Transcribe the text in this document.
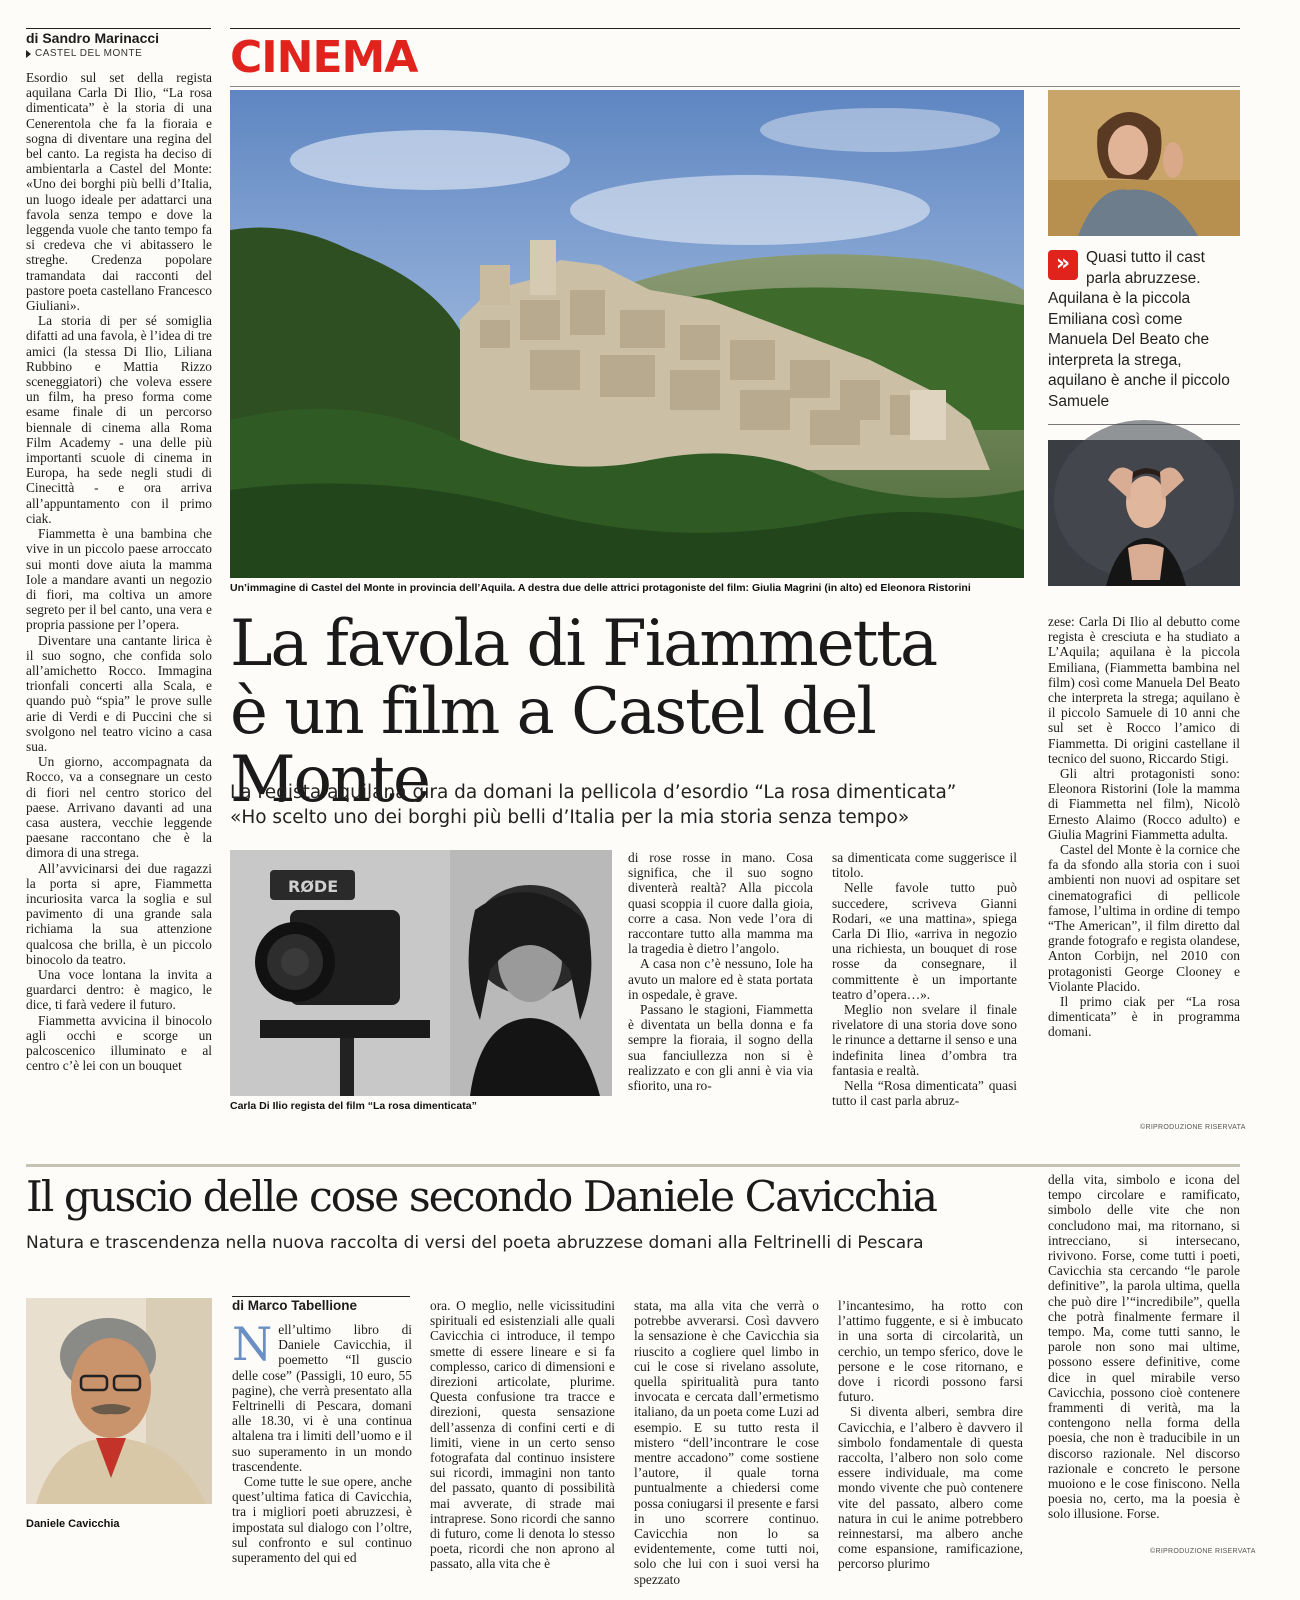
di Sandro Marinacci
CASTEL DEL MONTE CINEMA

Esordio sul set della regista aquilana Carla Di Ilio, “La rosa dimenticata” è la storia di una Cenerentola che fa la fioraia e sogna di diventare una regina del bel canto. La regista ha deciso di ambientarla a Castel del Monte: «Uno dei borghi più belli d’Italia, un luogo ideale per adattarci una favola senza tempo e dove la leggenda vuole che tanto tempo fa si credeva che vi abitassero le streghe. Credenza popolare tramandata dai racconti del pastore poeta castellano Francesco Giuliani».

La storia di per sé somiglia difatti ad una favola, è l’idea di tre amici (la stessa Di Ilio, Liliana Rubbino e Mattia Rizzo sceneggiatori) che voleva essere un film, ha preso forma come esame finale di un percorso biennale di cinema alla Roma Film Academy - una delle più importanti scuole di cinema in Europa, ha sede negli studi di Cinecittà - e ora arriva all’appuntamento con il primo ciak.

Fiammetta è una bambina che vive in un piccolo paese arroccato sui monti dove aiuta la mamma Iole a mandare avanti un negozio di fiori, ma coltiva un amore segreto per il bel canto, una vera e propria passione per l’opera.

Diventare una cantante lirica è il suo sogno, che confida solo all’amichetto Rocco. Immagina trionfali concerti alla Scala, e quando può “spia” le prove sulle arie di Verdi e di Puccini che si svolgono nel teatro vicino a casa sua.

Un giorno, accompagnata da Rocco, va a consegnare un cesto di fiori nel centro storico del paese. Arrivano davanti ad una casa austera, vecchie leggende paesane raccontano che è la dimora di una strega.

All’avvicinarsi dei due ragazzi la porta si apre, Fiammetta incuriosita varca la soglia e sul pavimento di una grande sala richiama la sua attenzione qualcosa che brilla, è un piccolo binocolo da teatro.

Una voce lontana la invita a guardarci dentro: è magico, le dice, ti farà vedere il futuro.

Fiammetta avvicina il binocolo agli occhi e scorge un palcoscenico illuminato e al centro c’è lei con un bouquet

Un’immagine di Castel del Monte in provincia dell’Aquila. A destra due delle attrici protagoniste del film: Giulia Magrini (in alto) ed Eleonora Ristorini
»	Quasi tutto il cast parla abruzzese. Aquilana è la piccola Emiliana così come Manuela Del Beato che interpreta la strega, aquilano è anche il piccolo Samuele
La favola di Fiammetta
è un film a Castel del Monte
La regista aquilana gira da domani la pellicola d’esordio “La rosa dimenticata”
«Ho scelto uno dei borghi più belli d’Italia per la mia storia senza tempo»
RØDE
Carla Di Ilio regista del film “La rosa dimenticata”

di rose rosse in mano. Cosa significa, che il suo sogno diventerà realtà? Alla piccola quasi scoppia il cuore dalla gioia, corre a casa. Non vede l’ora di raccontare tutto alla mamma ma la tragedia è dietro l’angolo.

A casa non c’è nessuno, Iole ha avuto un malore ed è stata portata in ospedale, è grave.

Passano le stagioni, Fiammetta è diventata un bella donna e fa sempre la fioraia, il sogno della sua fanciullezza non si è realizzato e con gli anni è via via sfiorito, una ro-

sa dimenticata come suggerisce il titolo.

Nelle favole tutto può succedere, scriveva Gianni Rodari, «e una mattina», spiega Carla Di Ilio, «arriva in negozio una richiesta, un bouquet di rose rosse da consegnare, il committente è un importante teatro d’opera…».

Meglio non svelare il finale rivelatore di una storia dove sono le rinunce a dettarne il senso e una indefinita linea d’ombra tra fantasia e realtà.

Nella “Rosa dimenticata” quasi tutto il cast parla abruz-

zese: Carla Di Ilio al debutto come regista è cresciuta e ha studiato a L’Aquila; aquilana è la piccola Emiliana, (Fiammetta bambina nel film) così come Manuela Del Beato che interpreta la strega; aquilano è il piccolo Samuele di 10 anni che sul set è Rocco l’amico di Fiammetta. Di origini castellane il tecnico del suono, Riccardo Stigi.

Gli altri protagonisti sono: Eleonora Ristorini (Iole la mamma di Fiammetta nel film), Nicolò Ernesto Alaimo (Rocco adulto) e Giulia Magrini Fiammetta adulta.

Castel del Monte è la cornice che fa da sfondo alla storia con i suoi ambienti non nuovi ad ospitare set cinematografici di pellicole famose, l’ultima in ordine di tempo “The American”, il film diretto dal grande fotografo e regista olandese, Anton Corbijn, nel 2010 con protagonisti George Clooney e Violante Placido.

Il primo ciak per “La rosa dimenticata” è in programma domani.

©RIPRODUZIONE RISERVATA
Il guscio delle cose secondo Daniele Cavicchia
Natura e trascendenza nella nuova raccolta di versi del poeta abruzzese domani alla Feltrinelli di Pescara
Daniele Cavicchia
di Marco Tabellione

Nell’ultimo libro di Daniele Cavicchia, il poemetto “Il guscio delle cose” (Passigli, 10 euro, 55 pagine), che verrà presentato alla Feltrinelli di Pescara, domani alle 18.30, vi è una continua altalena tra i limiti dell’uomo e il suo superamento in un mondo trascendente.

Come tutte le sue opere, anche quest’ultima fatica di Cavicchia, tra i migliori poeti abruzzesi, è impostata sul dialogo con l’oltre, sul confronto e sul continuo superamento del qui ed

ora. O meglio, nelle vicissitudini spirituali ed esistenziali alle quali Cavicchia ci introduce, il tempo smette di essere lineare e si fa complesso, carico di dimensioni e direzioni articolate, plurime. Questa confusione tra tracce e direzioni, questa sensazione dell’assenza di confini certi e di limiti, viene in un certo senso fotografata dal continuo insistere sui ricordi, immagini non tanto del passato, quanto di possibilità mai avverate, di strade mai intraprese. Sono ricordi che sanno di futuro, come li denota lo stesso poeta, ricordi che non aprono al passato, alla vita che è

stata, ma alla vita che verrà o potrebbe avverarsi. Così davvero la sensazione è che Cavicchia sia riuscito a cogliere quel limbo in cui le cose si rivelano assolute, quella spiritualità pura tanto invocata e cercata dall’ermetismo italiano, da un poeta come Luzi ad esempio. E su tutto resta il mistero “dell’incontrare le cose mentre accadono” come sostiene l’autore, il quale torna puntualmente a chiedersi come possa coniugarsi il presente e farsi in uno scorrere continuo. Cavicchia non lo sa evidentemente, come tutti noi, solo che lui con i suoi versi ha spezzato

l’incantesimo, ha rotto con l’attimo fuggente, e si è imbucato in una sorta di circolarità, un cerchio, un tempo sferico, dove le persone e le cose ritornano, e dove i ricordi possono farsi futuro.

Si diventa alberi, sembra dire Cavicchia, e l’albero è davvero il simbolo fondamentale di questa raccolta, l’albero non solo come essere individuale, ma come mondo vivente che può contenere vite del passato, albero come natura in cui le anime potrebbero reinnestarsi, ma albero anche come espansione, ramificazione, percorso plurimo

della vita, simbolo e icona del tempo circolare e ramificato, simbolo delle vite che non concludono mai, ma ritornano, si intrecciano, si intersecano, rivivono. Forse, come tutti i poeti, Cavicchia sta cercando “le parole definitive”, la parola ultima, quella che può dire l’“incredibile”, quella che potrà finalmente fermare il tempo. Ma, come tutti sanno, le parole non sono mai ultime, possono essere definitive, come dice in quel mirabile verso Cavicchia, possono cioè contenere frammenti di verità, ma la contengono nella forma della poesia, che non è traducibile in un discorso razionale. Nel discorso razionale e concreto le persone muoiono e le cose finiscono. Nella poesia no, certo, ma la poesia è solo illusione. Forse.

©RIPRODUZIONE RISERVATA
